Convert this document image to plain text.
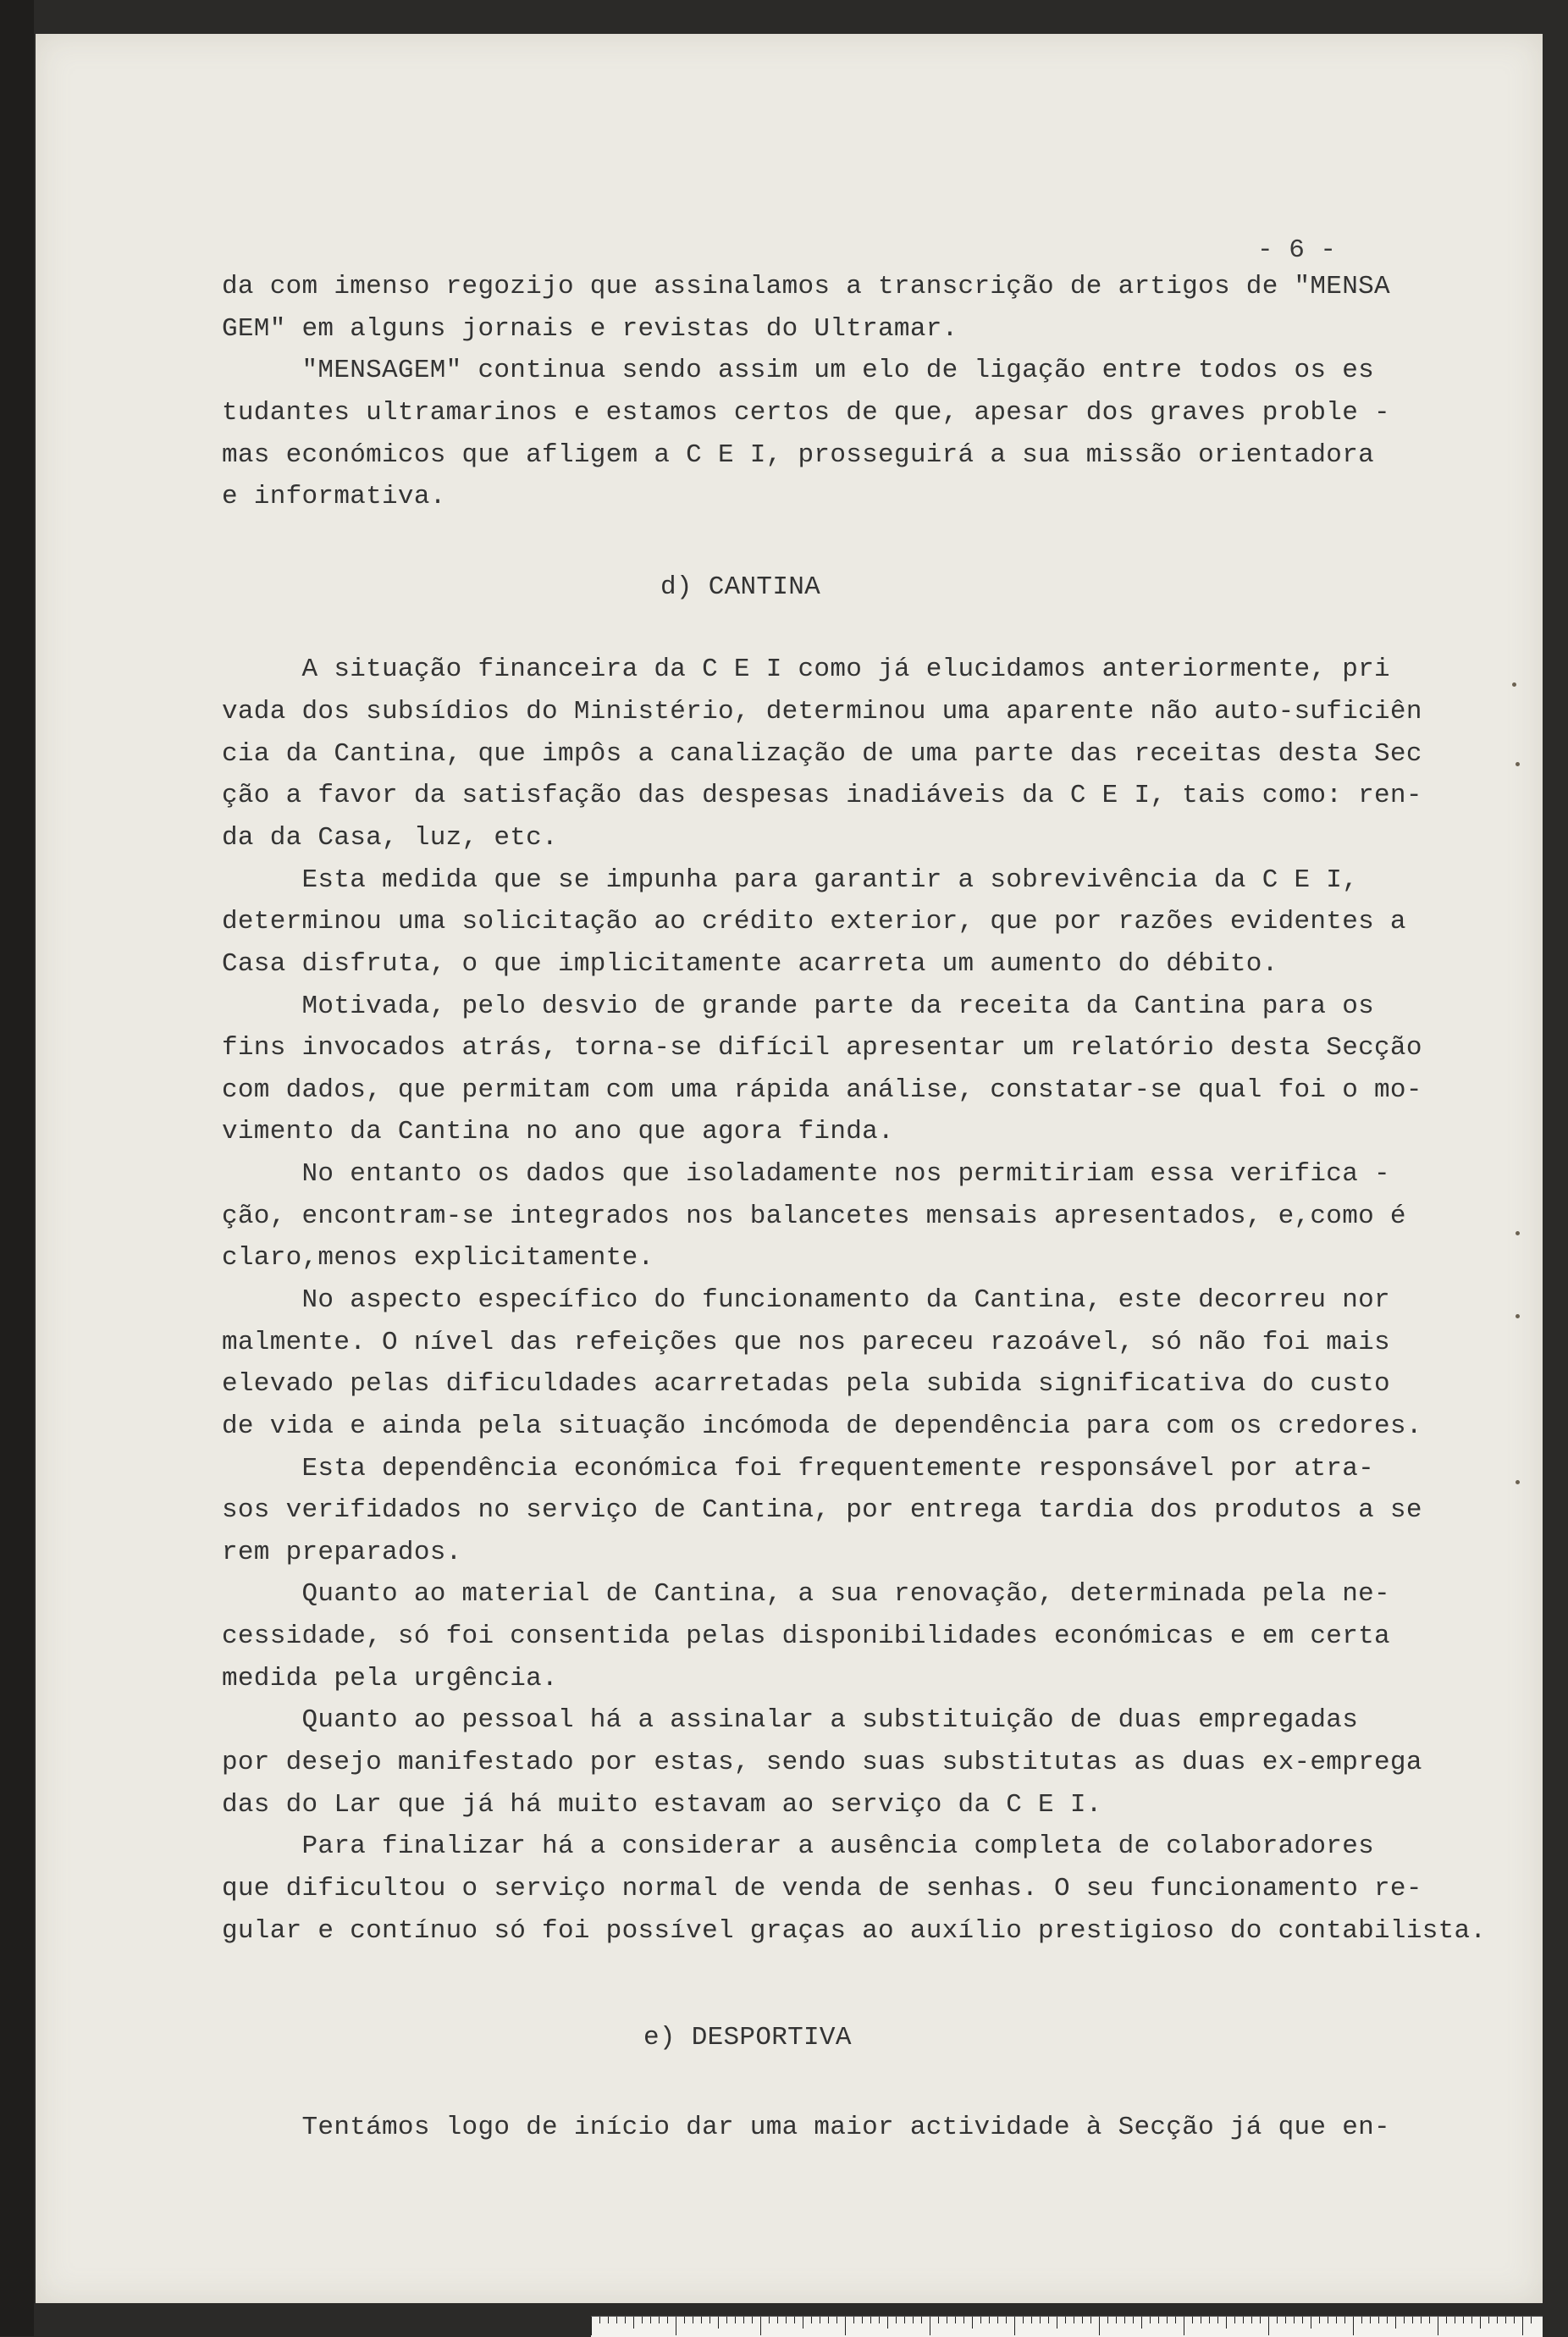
- 6 -
da com imenso regozijo que assinalamos a transcrição de artigos de "MENSA
GEM" em alguns jornais e revistas do Ultramar.
"MENSAGEM" continua sendo assim um elo de ligação entre todos os es
tudantes ultramarinos e estamos certos de que, apesar dos graves proble -
mas económicos que afligem a C E I, prosseguirá a sua missão orientadora
e informativa.
d) CANTINA
A situação financeira da C E I como já elucidamos anteriormente, pri
vada dos subsídios do Ministério, determinou uma aparente não auto-suficiên
cia da Cantina, que impôs a canalização de uma parte das receitas desta Sec
ção a favor da satisfação das despesas inadiáveis da C E I, tais como: ren-
da da Casa, luz, etc.
Esta medida que se impunha para garantir a sobrevivência da C E I,
determinou uma solicitação ao crédito exterior, que por razões evidentes a
Casa disfruta, o que implicitamente acarreta um aumento do débito.
Motivada, pelo desvio de grande parte da receita da Cantina para os
fins invocados atrás, torna-se difícil apresentar um relatório desta Secção
com dados, que permitam com uma rápida análise, constatar-se qual foi o mo-
vimento da Cantina no ano que agora finda.
No entanto os dados que isoladamente nos permitiriam essa verifica -
ção, encontram-se integrados nos balancetes mensais apresentados, e,como é
claro,menos explicitamente.
No aspecto específico do funcionamento da Cantina, este decorreu nor
malmente. O nível das refeições que nos pareceu razoável, só não foi mais
elevado pelas dificuldades acarretadas pela subida significativa do custo
de vida e ainda pela situação incómoda de dependência para com os credores.
Esta dependência económica foi frequentemente responsável por atra-
sos verifidados no serviço de Cantina, por entrega tardia dos produtos a se
rem preparados.
Quanto ao material de Cantina, a sua renovação, determinada pela ne-
cessidade, só foi consentida pelas disponibilidades económicas e em certa
medida pela urgência.
Quanto ao pessoal há a assinalar a substituição de duas empregadas
por desejo manifestado por estas, sendo suas substitutas as duas ex-emprega
das do Lar que já há muito estavam ao serviço da C E I.
Para finalizar há a considerar a ausência completa de colaboradores
que dificultou o serviço normal de venda de senhas. O seu funcionamento re-
gular e contínuo só foi possível graças ao auxílio prestigioso do contabilista.
e) DESPORTIVA
Tentámos logo de início dar uma maior actividade à Secção já que en-
